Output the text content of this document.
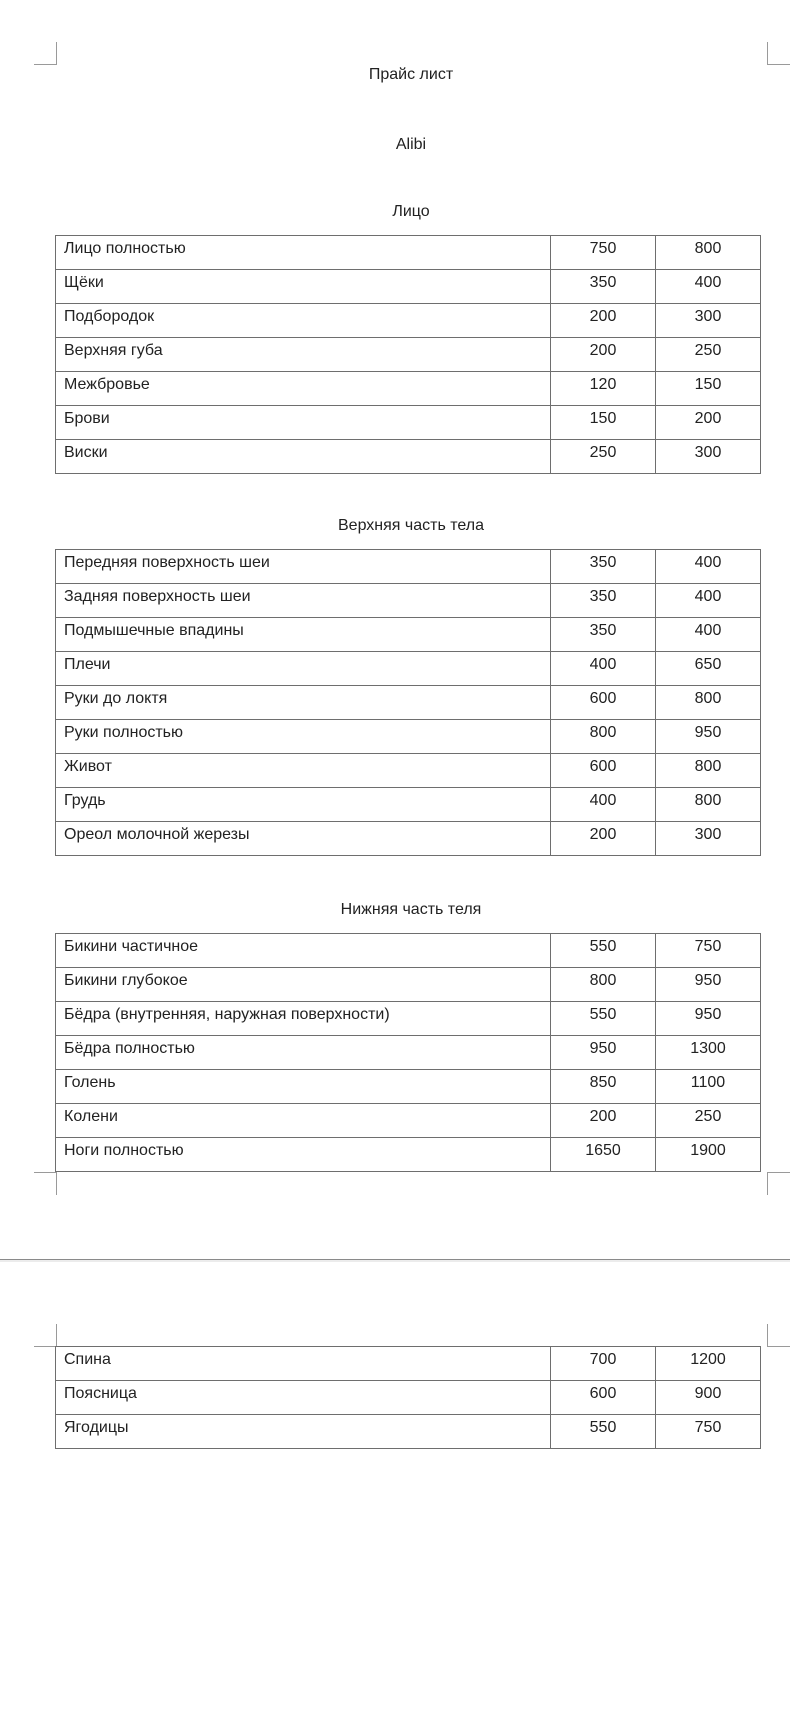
Прайс лист
Alibi
Лицо
Лицо полностью	750	800
Щёки	350	400
Подбородок	200	300
Верхняя губа	200	250
Межбровье	120	150
Брови	150	200
Виски	250	300
Верхняя часть тела
Передняя поверхность шеи	350	400
Задняя поверхность шеи	350	400
Подмышечные впадины	350	400
Плечи	400	650
Руки до локтя	600	800
Руки полностью	800	950
Живот	600	800
Грудь	400	800
Ореол молочной жерезы	200	300
Нижняя часть теля
Бикини частичное	550	750
Бикини глубокое	800	950
Бёдра (внутренняя, наружная поверхности)	550	950
Бёдра полностью	950	1300
Голень	850	1100
Колени	200	250
Ноги полностью	1650	1900
Спина	700	1200
Поясница	600	900
Ягодицы	550	750
